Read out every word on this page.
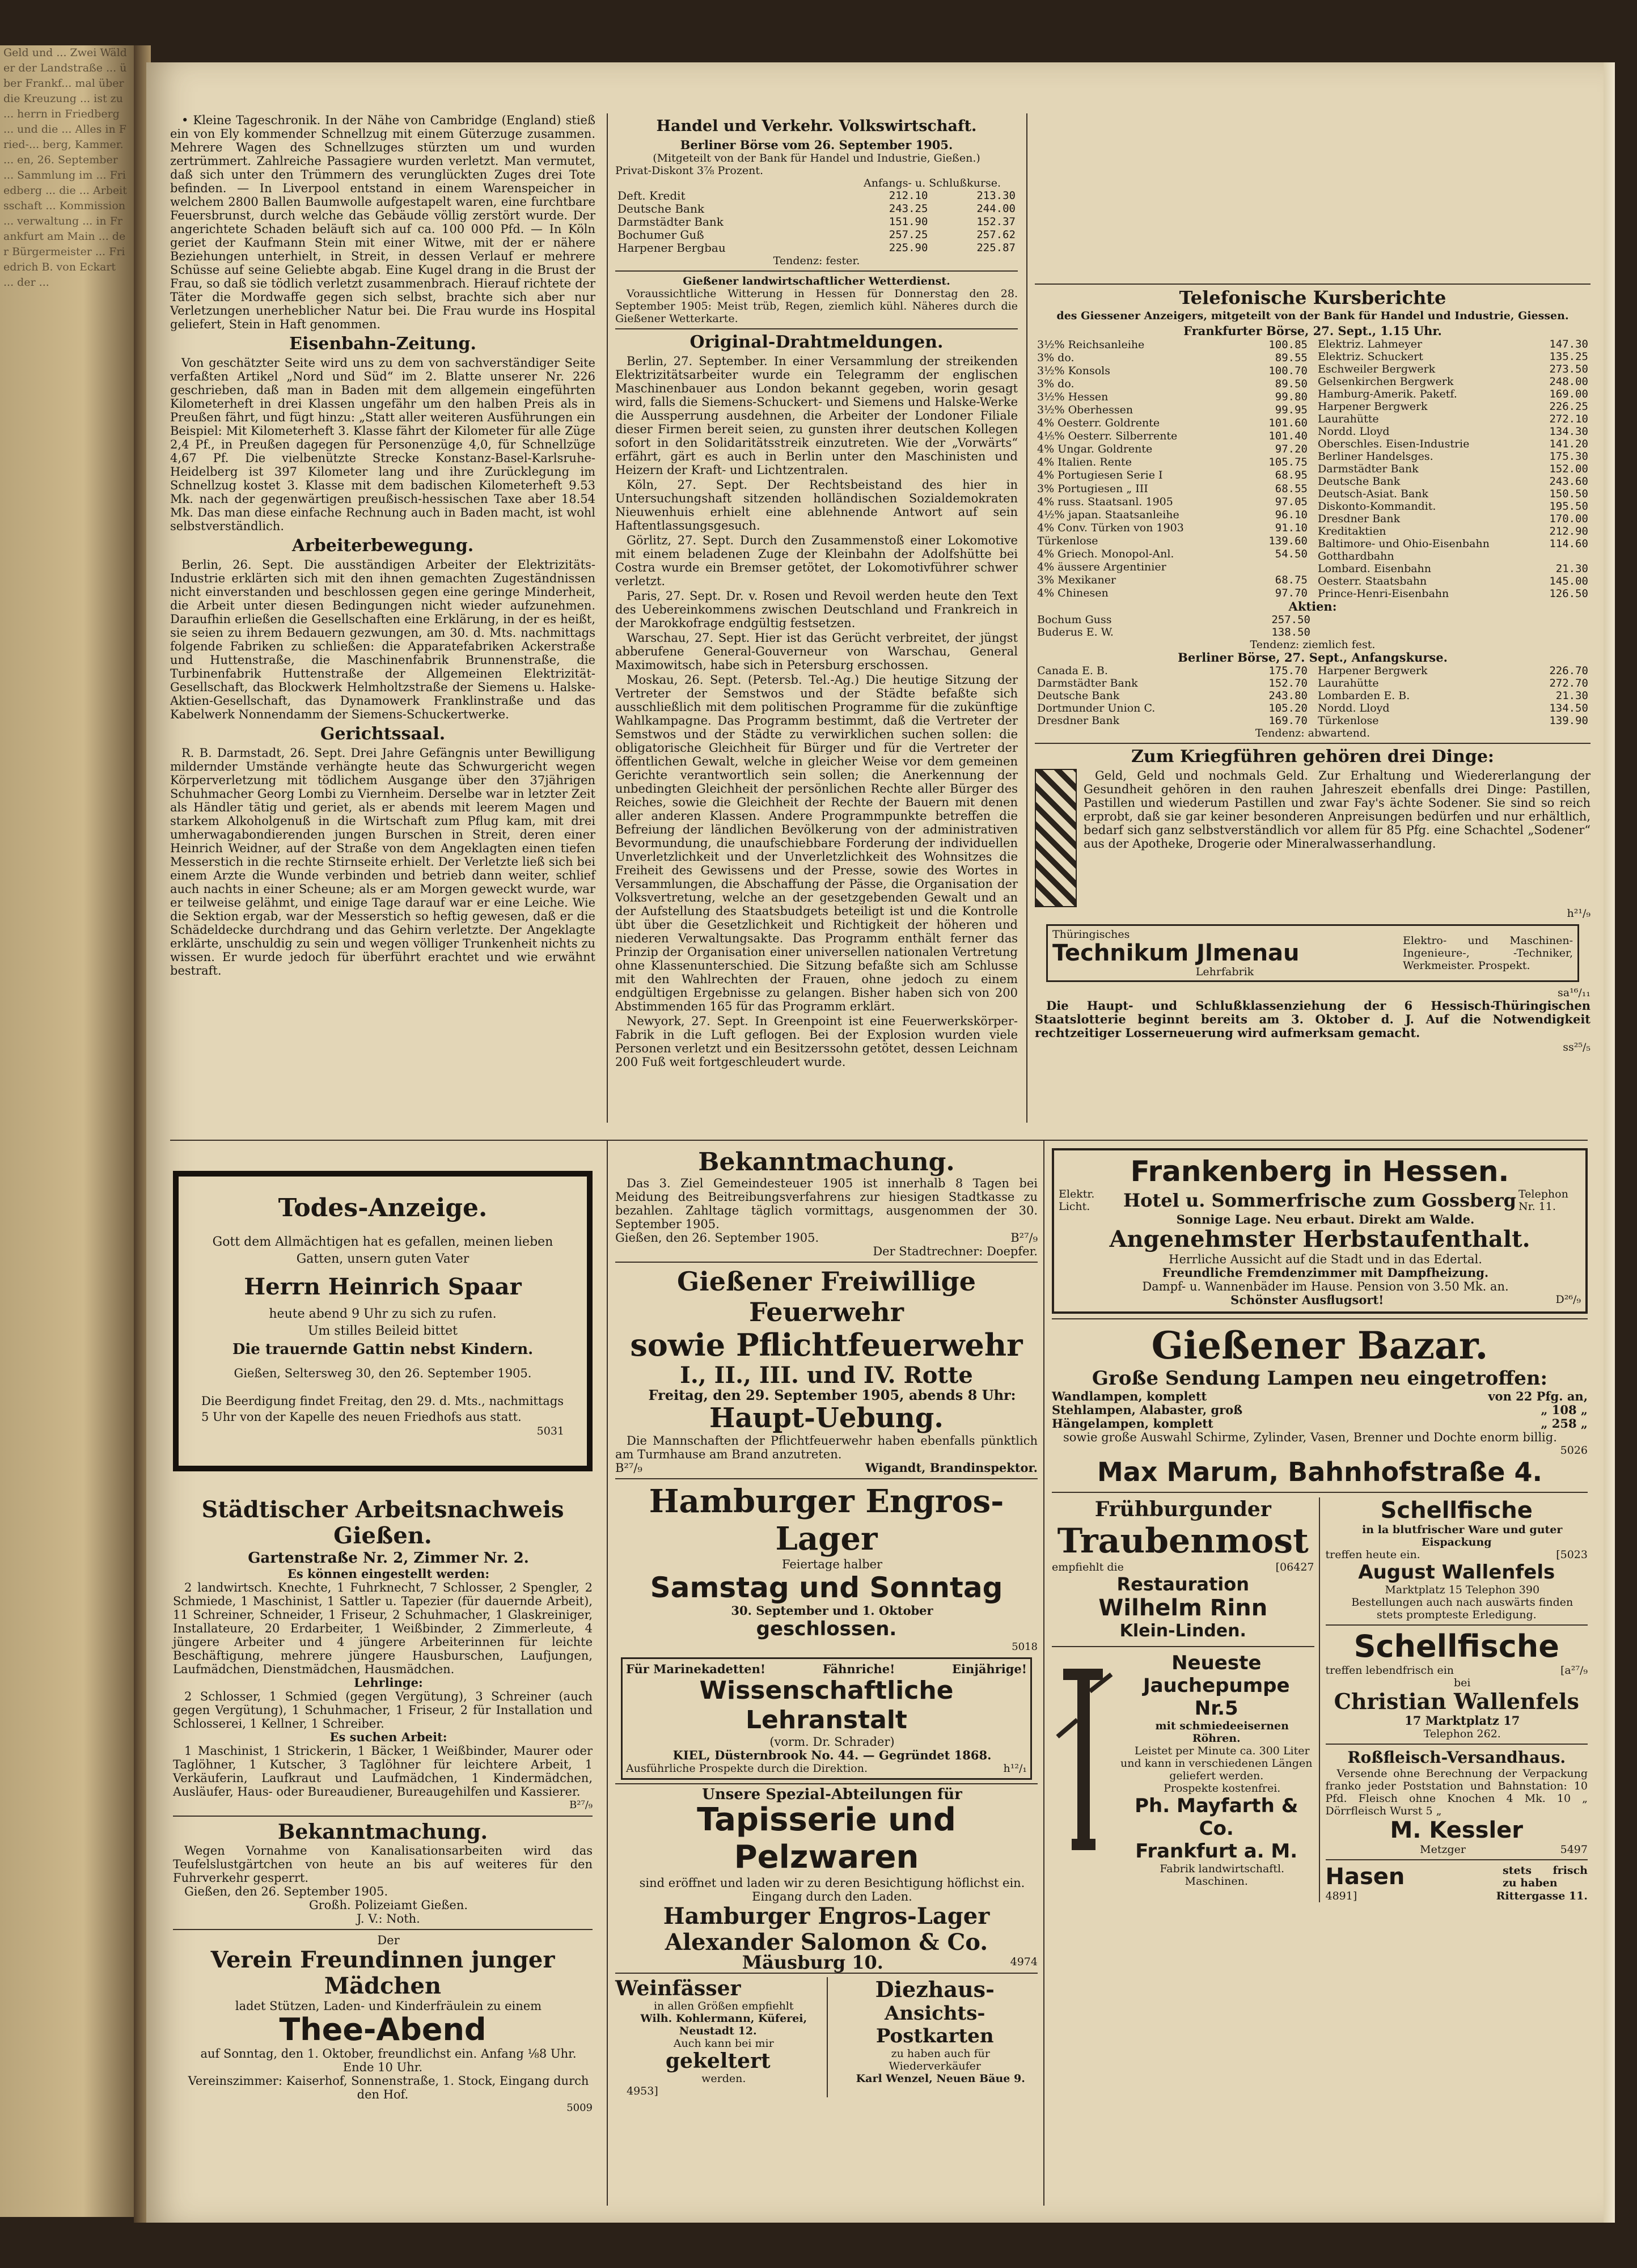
Geld und ... Zwei Wälder der Landstraße ... über Frankf... mal über die Kreuzung ... ist zu ... herrn in Friedberg ... und die ... Alles in Fried-... berg, Kammer. ... en, 26. September ... Sammlung im ... Friedberg ... die ... Arbeitsschaft ... Kommission ... verwaltung ... in Frankfurt am Main ... der Bürgermeister ... Friedrich B. von Eckart ... der ...

• Kleine Tageschronik. In der Nähe von Cambridge (England) stieß ein von Ely kommender Schnellzug mit einem Güterzuge zusammen. Mehrere Wagen des Schnellzuges stürzten um und wurden zertrümmert. Zahlreiche Passagiere wurden verletzt. Man vermutet, daß sich unter den Trümmern des verunglückten Zuges drei Tote befinden. — In Liverpool entstand in einem Warenspeicher in welchem 2800 Ballen Baumwolle aufgestapelt waren, eine furchtbare Feuersbrunst, durch welche das Gebäude völlig zerstört wurde. Der angerichtete Schaden beläuft sich auf ca. 100 000 Pfd. — In Köln geriet der Kaufmann Stein mit einer Witwe, mit der er nähere Beziehungen unterhielt, in Streit, in dessen Verlauf er mehrere Schüsse auf seine Geliebte abgab. Eine Kugel drang in die Brust der Frau, so daß sie tödlich verletzt zusammenbrach. Hierauf richtete der Täter die Mordwaffe gegen sich selbst, brachte sich aber nur Verletzungen unerheblicher Natur bei. Die Frau wurde ins Hospital geliefert, Stein in Haft genommen.

Eisenbahn-Zeitung.

Von geschätzter Seite wird uns zu dem von sachverständiger Seite verfaßten Artikel „Nord und Süd“ im 2. Blatte unserer Nr. 226 geschrieben, daß man in Baden mit dem allgemein eingeführten Kilometerheft in drei Klassen ungefähr um den halben Preis als in Preußen fährt, und fügt hinzu: „Statt aller weiteren Ausführungen ein Beispiel: Mit Kilometerheft 3. Klasse fährt der Kilometer für alle Züge 2,4 Pf., in Preußen dagegen für Personenzüge 4,0, für Schnellzüge 4,67 Pf. Die vielbenützte Strecke Konstanz-Basel-Karlsruhe-Heidelberg ist 397 Kilometer lang und ihre Zurücklegung im Schnellzug kostet 3. Klasse mit dem badischen Kilometerheft 9.53 Mk. nach der gegenwärtigen preußisch-hessischen Taxe aber 18.54 Mk. Das man diese einfache Rechnung auch in Baden macht, ist wohl selbstverständlich.

Arbeiterbewegung.

Berlin, 26. Sept. Die ausständigen Arbeiter der Elektrizitäts-Industrie erklärten sich mit den ihnen gemachten Zugeständnissen nicht einverstanden und beschlossen gegen eine geringe Minderheit, die Arbeit unter diesen Bedingungen nicht wieder aufzunehmen. Daraufhin erließen die Gesellschaften eine Erklärung, in der es heißt, sie seien zu ihrem Bedauern gezwungen, am 30. d. Mts. nachmittags folgende Fabriken zu schließen: die Apparatefabriken Ackerstraße und Huttenstraße, die Maschinenfabrik Brunnenstraße, die Turbinenfabrik Huttenstraße der Allgemeinen Elektrizität-Gesellschaft, das Blockwerk Helmholtzstraße der Siemens u. Halske-Aktien-Gesellschaft, das Dynamowerk Franklinstraße und das Kabelwerk Nonnendamm der Siemens-Schuckertwerke.

Gerichtssaal.

R. B. Darmstadt, 26. Sept. Drei Jahre Gefängnis unter Bewilligung mildernder Umstände verhängte heute das Schwurgericht wegen Körperverletzung mit tödlichem Ausgange über den 37jährigen Schuhmacher Georg Lombi zu Viernheim. Derselbe war in letzter Zeit als Händler tätig und geriet, als er abends mit leerem Magen und starkem Alkoholgenuß in die Wirtschaft zum Pflug kam, mit drei umherwagabondierenden jungen Burschen in Streit, deren einer Heinrich Weidner, auf der Straße von dem Angeklagten einen tiefen Messerstich in die rechte Stirnseite erhielt. Der Verletzte ließ sich bei einem Arzte die Wunde verbinden und betrieb dann weiter, schlief auch nachts in einer Scheune; als er am Morgen geweckt wurde, war er teilweise gelähmt, und einige Tage darauf war er eine Leiche. Wie die Sektion ergab, war der Messerstich so heftig gewesen, daß er die Schädeldecke durchdrang und das Gehirn verletzte. Der Angeklagte erklärte, unschuldig zu sein und wegen völliger Trunkenheit nichts zu wissen. Er wurde jedoch für überführt erachtet und wie erwähnt bestraft.

Handel und Verkehr. Volkswirtschaft.
Berliner Börse vom 26. September 1905.
(Mitgeteilt von der Bank für Handel und Industrie, Gießen.)
Privat-Diskont 3⅞ Prozent.
Anfangs- u. Schlußkurse.
Deft. Kredit	212.10	213.30
Deutsche Bank	243.25	244.00
Darmstädter Bank	151.90	152.37
Bochumer Guß	257.25	257.62
Harpener Bergbau	225.90	225.87
Tendenz: fester.
Gießener landwirtschaftlicher Wetterdienst.

Voraussichtliche Witterung in Hessen für Donnerstag den 28. September 1905: Meist trüb, Regen, ziemlich kühl. Näheres durch die Gießener Wetterkarte.

Original-Drahtmeldungen.

Berlin, 27. September. In einer Versammlung der streikenden Elektrizitätsarbeiter wurde ein Telegramm der englischen Maschinenbauer aus London bekannt gegeben, worin gesagt wird, falls die Siemens-Schuckert- und Siemens und Halske-Werke die Aussperrung ausdehnen, die Arbeiter der Londoner Filiale dieser Firmen bereit seien, zu gunsten ihrer deutschen Kollegen sofort in den Solidaritätsstreik einzutreten. Wie der „Vorwärts“ erfährt, gärt es auch in Berlin unter den Maschinisten und Heizern der Kraft- und Lichtzentralen.

Köln, 27. Sept. Der Rechtsbeistand des hier in Untersuchungshaft sitzenden holländischen Sozialdemokraten Nieuwenhuis erhielt eine ablehnende Antwort auf sein Haftentlassungsgesuch.

Görlitz, 27. Sept. Durch den Zusammenstoß einer Lokomotive mit einem beladenen Zuge der Kleinbahn der Adolfshütte bei Costra wurde ein Bremser getötet, der Lokomotivführer schwer verletzt.

Paris, 27. Sept. Dr. v. Rosen und Revoil werden heute den Text des Uebereinkommens zwischen Deutschland und Frankreich in der Marokkofrage endgültig festsetzen.

Warschau, 27. Sept. Hier ist das Gerücht verbreitet, der jüngst abberufene General-Gouverneur von Warschau, General Maximowitsch, habe sich in Petersburg erschossen.

Moskau, 26. Sept. (Petersb. Tel.-Ag.) Die heutige Sitzung der Vertreter der Semstwos und der Städte befaßte sich ausschließlich mit dem politischen Programme für die zukünftige Wahlkampagne. Das Programm bestimmt, daß die Vertreter der Semstwos und der Städte zu verwirklichen suchen sollen: die obligatorische Gleichheit für Bürger und für die Vertreter der öffentlichen Gewalt, welche in gleicher Weise vor dem gemeinen Gerichte verantwortlich sein sollen; die Anerkennung der unbedingten Gleichheit der persönlichen Rechte aller Bürger des Reiches, sowie die Gleichheit der Rechte der Bauern mit denen aller anderen Klassen. Andere Programmpunkte betreffen die Befreiung der ländlichen Bevölkerung von der administrativen Bevormundung, die unaufschiebbare Forderung der individuellen Unverletzlichkeit und der Unverletzlichkeit des Wohnsitzes die Freiheit des Gewissens und der Presse, sowie des Wortes in Versammlungen, die Abschaffung der Pässe, die Organisation der Volksvertretung, welche an der gesetzgebenden Gewalt und an der Aufstellung des Staatsbudgets beteiligt ist und die Kontrolle übt über die Gesetzlichkeit und Richtigkeit der höheren und niederen Verwaltungsakte. Das Programm enthält ferner das Prinzip der Organisation einer universellen nationalen Vertretung ohne Klassenunterschied. Die Sitzung befaßte sich am Schlusse mit den Wahlrechten der Frauen, ohne jedoch zu einem endgültigen Ergebnisse zu gelangen. Bisher haben sich von 200 Abstimmenden 165 für das Programm erklärt.

Newyork, 27. Sept. In Greenpoint ist eine Feuerwerkskörper-Fabrik in die Luft geflogen. Bei der Explosion wurden viele Personen verletzt und ein Besitzerssohn getötet, dessen Leichnam 200 Fuß weit fortgeschleudert wurde.

Telefonische Kursberichte
des Giessener Anzeigers, mitgeteilt von der Bank für Handel und Industrie, Giessen.
Frankfurter Börse, 27. Sept., 1.15 Uhr.
3½% Reichsanleihe	100.85
3% do.	89.55
3½% Konsols	100.70
3% do.	89.50
3½% Hessen	99.80
3½% Oberhessen	99.95
4% Oesterr. Goldrente	101.60
4⅕% Oesterr. Silberrente	101.40
4% Ungar. Goldrente	97.20
4% Italien. Rente	105.75
4% Portugiesen Serie I	68.95
3% Portugiesen „ III	68.55
4% russ. Staatsanl. 1905	97.05
4½% japan. Staatsanleihe	96.10
4% Conv. Türken von 1903	91.10
Türkenlose	139.60
4% Griech. Monopol-Anl.	54.50
4% äussere Argentinier	
3% Mexikaner	68.75
4% Chinesen	97.70
Elektriz. Lahmeyer	147.30
Elektriz. Schuckert	135.25
Eschweiler Bergwerk	273.50
Gelsenkirchen Bergwerk	248.00
Hamburg-Amerik. Paketf.	169.00
Harpener Bergwerk	226.25
Laurahütte	272.10
Nordd. Lloyd	134.30
Oberschles. Eisen-Industrie	141.20
Berliner Handelsges.	175.30
Darmstädter Bank	152.00
Deutsche Bank	243.60
Deutsch-Asiat. Bank	150.50
Diskonto-Kommandit.	195.50
Dresdner Bank	170.00
Kreditaktien	212.90
Baltimore- und Ohio-Eisenbahn	114.60
Gotthardbahn	
Lombard. Eisenbahn	21.30
Oesterr. Staatsbahn	145.00
Prince-Henri-Eisenbahn	126.50
Aktien:
Bochum Guss	257.50
Buderus E. W.	138.50
Tendenz: ziemlich fest.
Berliner Börse, 27. Sept., Anfangskurse.
Canada E. B.	175.70
Darmstädter Bank	152.70
Deutsche Bank	243.80
Dortmunder Union C.	105.20
Dresdner Bank	169.70
Harpener Bergwerk	226.70
Laurahütte	272.70
Lombarden E. B.	21.30
Nordd. Lloyd	134.50
Türkenlose	139.90
Tendenz: abwartend.
Zum Kriegführen gehören drei Dinge:

Geld, Geld und nochmals Geld. Zur Erhaltung und Wiedererlangung der Gesundheit gehören in den rauhen Jahreszeit ebenfalls drei Dinge: Pastillen, Pastillen und wiederum Pastillen und zwar Fay's ächte Sodener. Sie sind so reich erprobt, daß sie gar keiner besonderen Anpreisungen bedürfen und nur erhältlich, bedarf sich ganz selbstverständlich vor allem für 85 Pfg. eine Schachtel „Sodener“ aus der Apotheke, Drogerie oder Mineralwasserhandlung.

h²¹/₉
Thüringisches
Technikum Jlmenau
Lehrfabrik
Elektro- und Maschinen-Ingenieure-, -Techniker, Werkmeister. Prospekt.
sa¹⁶/₁₁

Die Haupt- und Schlußklassenziehung der 6 Hessisch-Thüringischen Staatslotterie beginnt bereits am 3. Oktober d. J. Auf die Notwendigkeit rechtzeitiger Losserneuerung wird aufmerksam gemacht.

ss²⁵/₅
Todes-Anzeige.

Gott dem Allmächtigen hat es gefallen, meinen lieben Gatten, unsern guten Vater

Herrn Heinrich Spaar

heute abend 9 Uhr zu sich zu rufen.

Um stilles Beileid bittet

Die trauernde Gattin nebst Kindern.

Gießen, Seltersweg 30, den 26. September 1905.

Die Beerdigung findet Freitag, den 29. d. Mts., nachmittags 5 Uhr von der Kapelle des neuen Friedhofs aus statt.

5031

Städtischer Arbeitsnachweis Gießen.

Gartenstraße Nr. 2, Zimmer Nr. 2.

Es können eingestellt werden:

2 landwirtsch. Knechte, 1 Fuhrknecht, 7 Schlosser, 2 Spengler, 2 Schmiede, 1 Maschinist, 1 Sattler u. Tapezier (für dauernde Arbeit), 11 Schreiner, Schneider, 1 Friseur, 2 Schuhmacher, 1 Glaskreiniger, Installateure, 20 Erdarbeiter, 1 Weißbinder, 2 Zimmerleute, 4 jüngere Arbeiter und 4 jüngere Arbeiterinnen für leichte Beschäftigung, mehrere jüngere Hausburschen, Laufjungen, Laufmädchen, Dienstmädchen, Hausmädchen.

Lehrlinge:

2 Schlosser, 1 Schmied (gegen Vergütung), 3 Schreiner (auch gegen Vergütung), 1 Schuhmacher, 1 Friseur, 2 für Installation und Schlosserei, 1 Kellner, 1 Schreiber.

Es suchen Arbeit:

1 Maschinist, 1 Strickerin, 1 Bäcker, 1 Weißbinder, Maurer oder Taglöhner, 1 Kutscher, 3 Taglöhner für leichtere Arbeit, 1 Verkäuferin, Laufkraut und Laufmädchen, 1 Kindermädchen, Ausläufer, Haus- oder Bureaudiener, Bureaugehilfen und Kassierer.

B²⁷/₉

Bekanntmachung.

Wegen Vornahme von Kanalisationsarbeiten wird das Teufelslustgärtchen von heute an bis auf weiteres für den Fuhrverkehr gesperrt.

Gießen, den 26. September 1905.

Großh. Polizeiamt Gießen.

J. V.: Noth.

Der

Verein Freundinnen junger Mädchen

ladet Stützen, Laden- und Kinderfräulein zu einem

Thee-Abend

auf Sonntag, den 1. Oktober, freundlichst ein. Anfang ⅛8 Uhr. Ende 10 Uhr.

Vereinszimmer: Kaiserhof, Sonnenstraße, 1. Stock, Eingang durch den Hof.

5009

Bekanntmachung.

Das 3. Ziel Gemeindesteuer 1905 ist innerhalb 8 Tagen bei Meidung des Beitreibungsverfahrens zur hiesigen Stadtkasse zu bezahlen. Zahltage täglich vormittags, ausgenommen der 30. September 1905.

Gießen, den 26. September 1905.	B²⁷/₉

Der Stadtrechner: Doepfer.

Gießener Freiwillige Feuerwehr
sowie Pflichtfeuerwehr
I., II., III. und IV. Rotte

Freitag, den 29. September 1905, abends 8 Uhr:

Haupt-Uebung.

Die Mannschaften der Pflichtfeuerwehr haben ebenfalls pünktlich am Turmhause am Brand anzutreten.

B²⁷/₉	Wigandt, Brandinspektor.
Hamburger Engros-Lager

Feiertage halber

Samstag und Sonntag

30. September und 1. Oktober

geschlossen.

5018

Für Marinekadetten!	Fähnriche!	Einjährige!
Wissenschaftliche Lehranstalt

(vorm. Dr. Schrader)

KIEL, Düsternbrook No. 44. — Gegründet 1868.

Ausführliche Prospekte durch die Direktion.	h¹²/₁

Unsere Spezial-Abteilungen für

Tapisserie und Pelzwaren

sind eröffnet und laden wir zu deren Besichtigung höflichst ein.

Eingang durch den Laden.

Hamburger Engros-Lager
Alexander Salomon & Co.
Mäusburg 10.	4974
Weinfässer

in allen Größen empfiehlt

Wilh. Kohlermann, Küferei, Neustadt 12.

Auch kann bei mir

gekeltert

werden.

4953]

Diezhaus-
Ansichts-Postkarten

zu haben auch für Wiederverkäufer

Karl Wenzel, Neuen Bäue 9.

Frankenberg in Hessen.
Elektr. Licht.	Hotel u. Sommerfrische zum Gossberg Telephon Nr. 11.

Sonnige Lage. Neu erbaut. Direkt am Walde.

Angenehmster Herbstaufenthalt.

Herrliche Aussicht auf die Stadt und in das Edertal.

Freundliche Fremdenzimmer mit Dampfheizung.

Dampf- u. Wannenbäder im Hause. Pension von 3.50 Mk. an.

Schönster Ausflugsort!	D²⁶/₉
Gießener Bazar.
Große Sendung Lampen neu eingetroffen:
Wandlampen, komplett	von 22 Pfg. an,
Stehlampen, Alabaster, groß	„ 108 „
Hängelampen, komplett	„ 258 „

sowie große Auswahl Schirme, Zylinder, Vasen, Brenner und Dochte enorm billig.

5026

Max Marum, Bahnhofstraße 4.
Frühburgunder
Traubenmost
empfiehlt die	[06427
Restauration
Wilhelm Rinn
Klein-Linden.
Neueste
Jauchepumpe Nr.5

mit schmiedeeisernen Röhren.

Leistet per Minute ca. 300 Liter und kann in verschiedenen Längen geliefert werden.

Prospekte kostenfrei.

Ph. Mayfarth & Co.
Frankfurt a. M.

Fabrik landwirtschaftl. Maschinen.

Schellfische

in la blutfrischer Ware und guter Eispackung

treffen heute ein.	[5023
August Wallenfels

Marktplatz 15 Telephon 390

Bestellungen auch nach auswärts finden stets prompteste Erledigung.

Schellfische
treffen lebendfrisch ein	[a²⁷/₉

bei

Christian Wallenfels

17 Marktplatz 17

Telephon 262.

Roßfleisch-Versandhaus.

Versende ohne Berechnung der Verpackung franko jeder Poststation und Bahnstation: 10 Pfd. Fleisch ohne Knochen 4 Mk. 10 „ Dörrfleisch Wurst 5 „

M. Kessler
Metzger	5497
Hasen	stets frisch zu haben
4891]	Rittergasse 11.
